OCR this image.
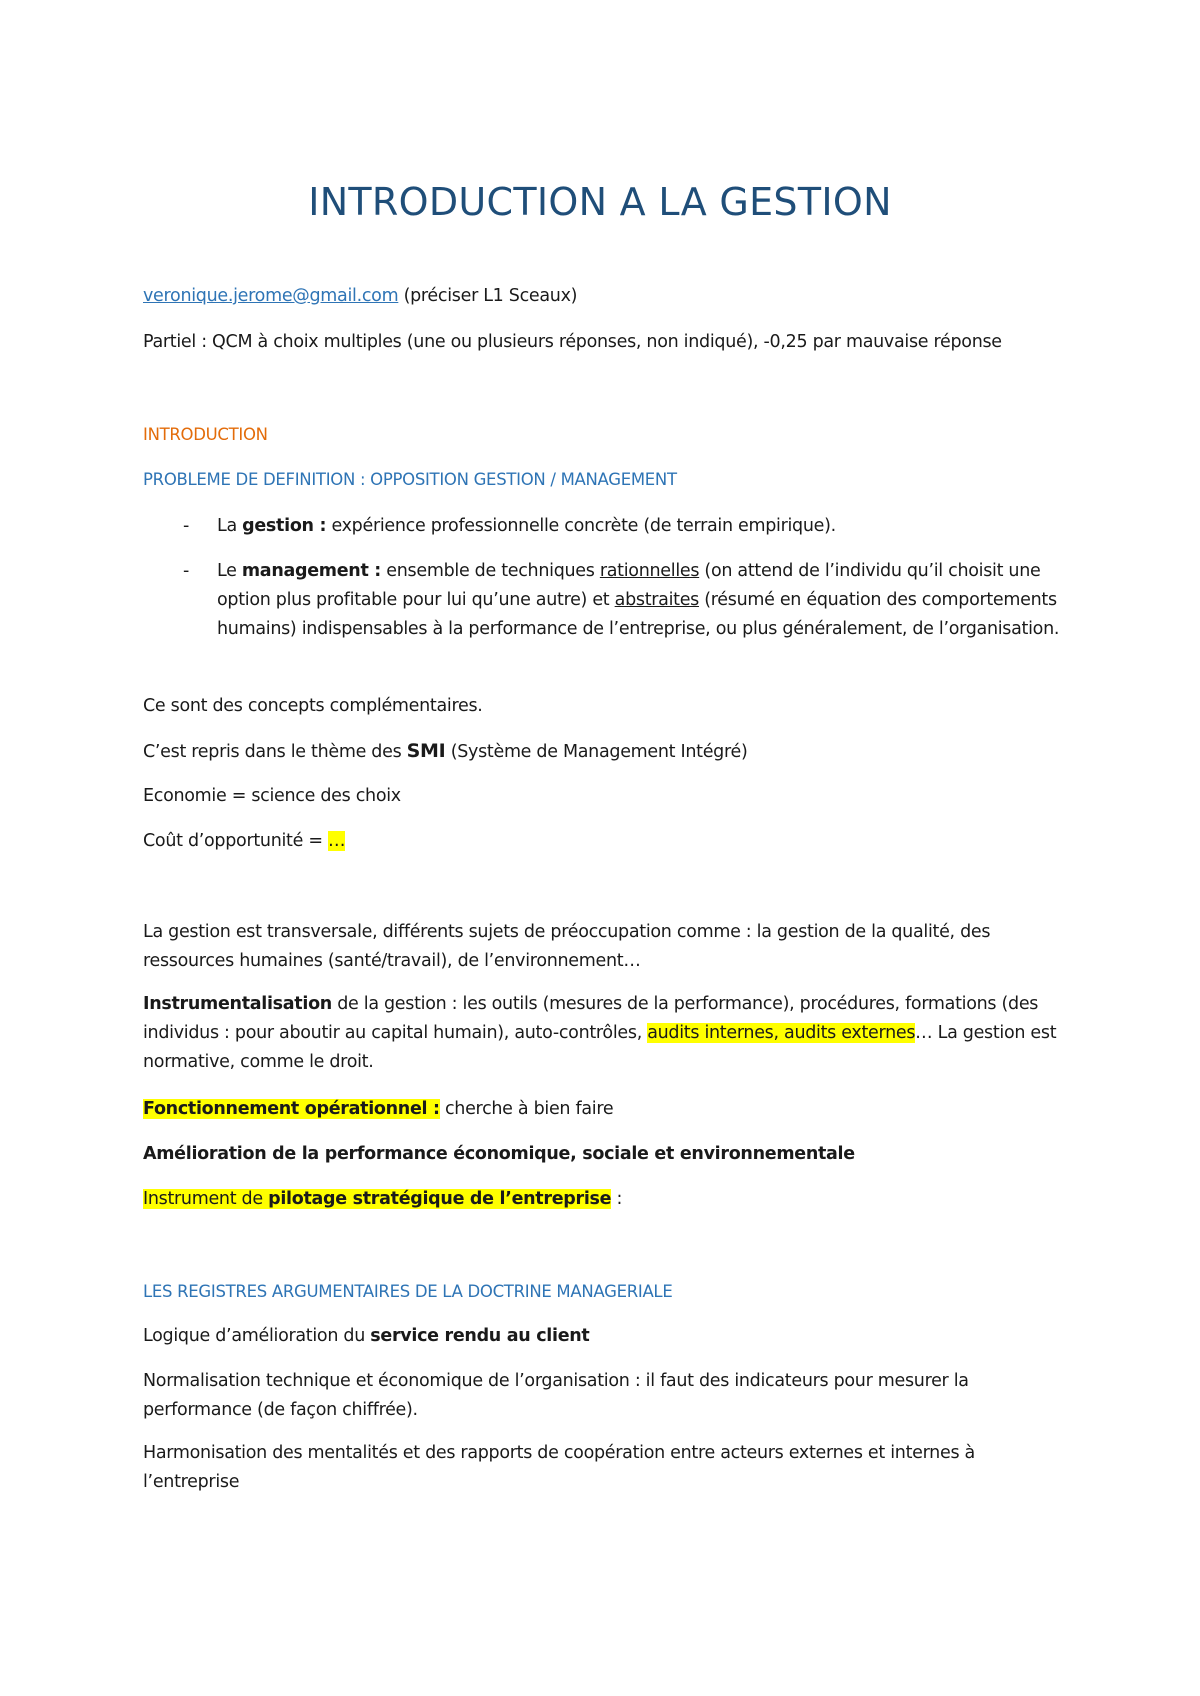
INTRODUCTION A LA GESTION
veronique.jerome@gmail.com (préciser L1 Sceaux)
Partiel : QCM à choix multiples (une ou plusieurs réponses, non indiqué), -0,25 par mauvaise réponse
INTRODUCTION
PROBLEME DE DEFINITION : OPPOSITION GESTION / MANAGEMENT
- La gestion : expérience professionnelle concrète (de terrain empirique).
- Le management : ensemble de techniques rationnelles (on attend de l’individu qu’il choisit une option plus profitable pour lui qu’une autre) et abstraites (résumé en équation des comportements humains) indispensables à la performance de l’entreprise, ou plus généralement, de l’organisation.
Ce sont des concepts complémentaires.
C’est repris dans le thème des SMI (Système de Management Intégré)
Economie = science des choix
Coût d’opportunité = …
La gestion est transversale, différents sujets de préoccupation comme : la gestion de la qualité, des ressources humaines (santé/travail), de l’environnement…
Instrumentalisation de la gestion : les outils (mesures de la performance), procédures, formations (des individus : pour aboutir au capital humain), auto-contrôles, audits internes, audits externes… La gestion est normative, comme le droit.
Fonctionnement opérationnel : cherche à bien faire
Amélioration de la performance économique, sociale et environnementale
Instrument de pilotage stratégique de l’entreprise :
LES REGISTRES ARGUMENTAIRES DE LA DOCTRINE MANAGERIALE
Logique d’amélioration du service rendu au client
Normalisation technique et économique de l’organisation : il faut des indicateurs pour mesurer la performance (de façon chiffrée).
Harmonisation des mentalités et des rapports de coopération entre acteurs externes et internes à l’entreprise
